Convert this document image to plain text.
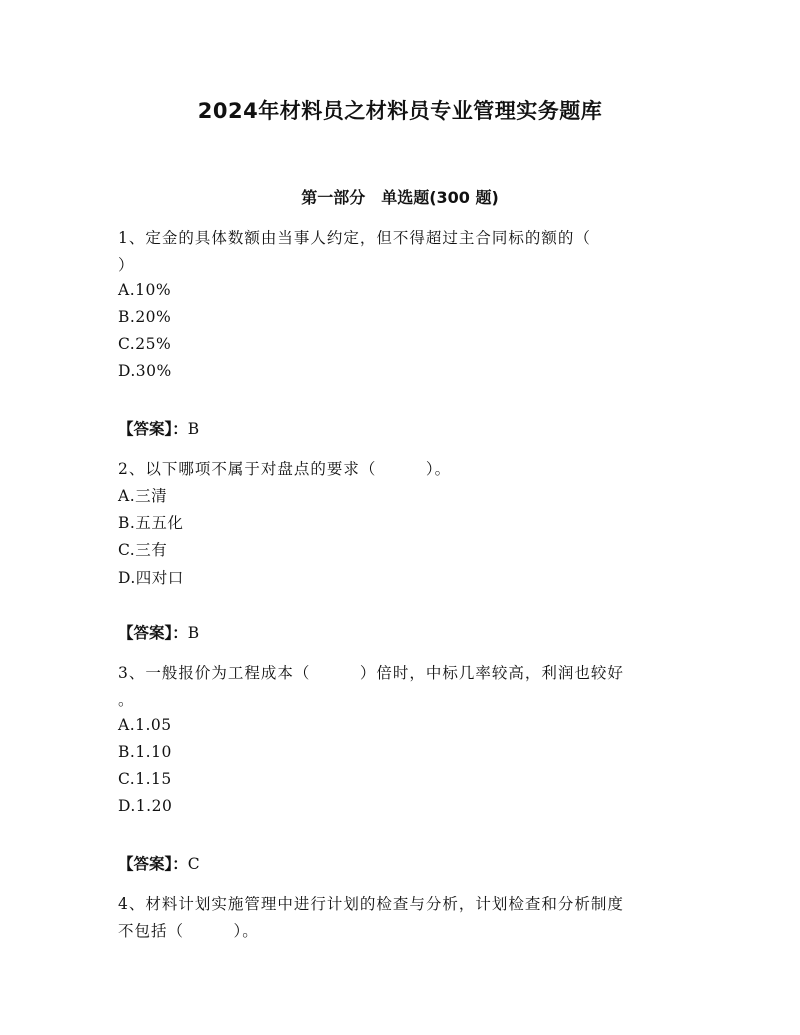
2024年材料员之材料员专业管理实务题库
第一部分　单选题(300 题)
1、定金的具体数额由当事人约定，但不得超过主合同标的额的（
）
A.10%
B.20%
C.25%
D.30%
【答案】：B
2、以下哪项不属于对盘点的要求（　　　）。
A.三清
B.五五化
C.三有
D.四对口
【答案】：B
3、一般报价为工程成本（　　　）倍时，中标几率较高，利润也较好
。
A.1.05
B.1.10
C.1.15
D.1.20
【答案】：C
4、材料计划实施管理中进行计划的检查与分析，计划检查和分析制度
不包括（　　　）。
